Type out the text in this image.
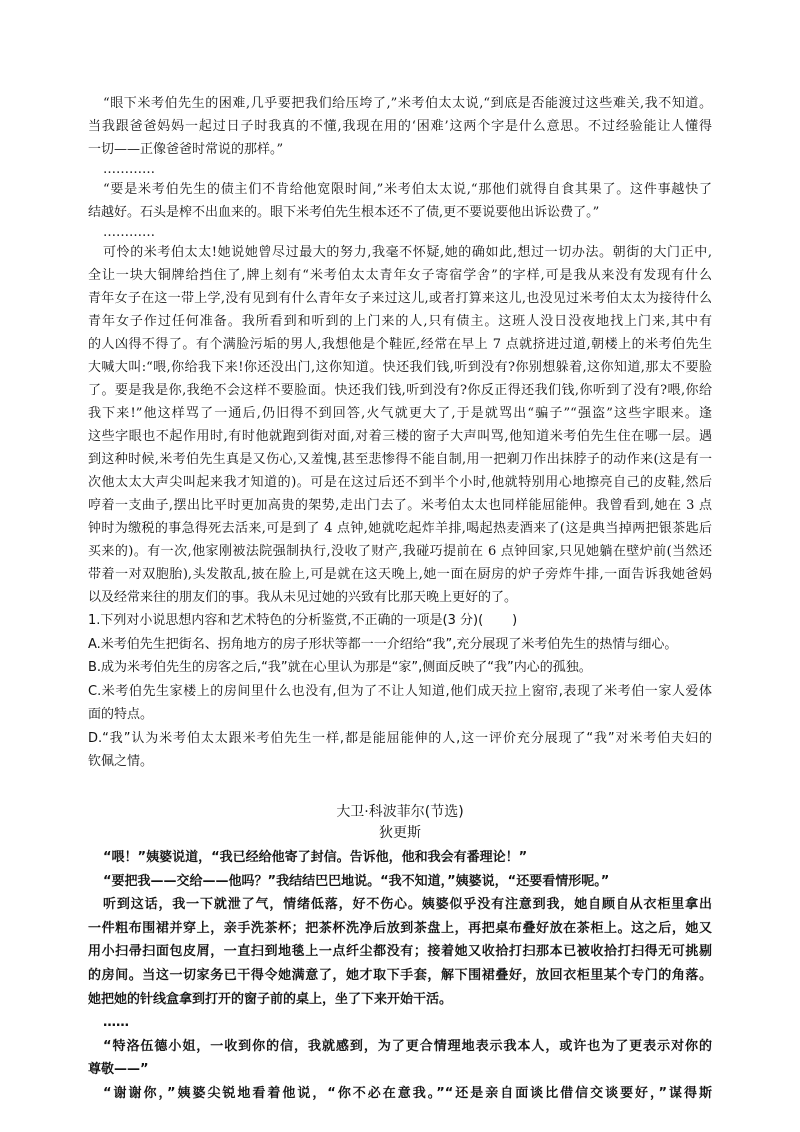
“眼下米考伯先生的困难,几乎要把我们给压垮了,”米考伯太太说,“到底是否能渡过这些难关,我不知道。
当我跟爸爸妈妈一起过日子时我真的不懂,我现在用的‘困难’这两个字是什么意思。不过经验能让人懂得
一切——正像爸爸时常说的那样。”
…………
“要是米考伯先生的债主们不肯给他宽限时间,”米考伯太太说,“那他们就得自食其果了。这件事越快了
结越好。石头是榨不出血来的。眼下米考伯先生根本还不了债,更不要说要他出诉讼费了。”
…………
可怜的米考伯太太!她说她曾尽过最大的努力,我毫不怀疑,她的确如此,想过一切办法。朝街的大门正中,
全让一块大铜牌给挡住了,牌上刻有“米考伯太太青年女子寄宿学舍”的字样,可是我从来没有发现有什么
青年女子在这一带上学,没有见到有什么青年女子来过这儿,或者打算来这儿,也没见过米考伯太太为接待什么
青年女子作过任何准备。我所看到和听到的上门来的人,只有债主。这班人没日没夜地找上门来,其中有
的人凶得不得了。有个满脸污垢的男人,我想他是个鞋匠,经常在早上 7 点就挤进过道,朝楼上的米考伯先生
大喊大叫:“喂,你给我下来!你还没出门,这你知道。快还我们钱,听到没有?你别想躲着,这你知道,那太不要脸
了。要是我是你,我绝不会这样不要脸面。快还我们钱,听到没有?你反正得还我们钱,你听到了没有?喂,你给
我下来!”他这样骂了一通后,仍旧得不到回答,火气就更大了,于是就骂出“骗子”“强盗”这些字眼来。逢
这些字眼也不起作用时,有时他就跑到街对面,对着三楼的窗子大声叫骂,他知道米考伯先生住在哪一层。遇
到这种时候,米考伯先生真是又伤心,又羞愧,甚至悲惨得不能自制,用一把剃刀作出抹脖子的动作来(这是有一
次他太太大声尖叫起来我才知道的)。可是在这过后还不到半个小时,他就特别用心地擦亮自己的皮鞋,然后
哼着一支曲子,摆出比平时更加高贵的架势,走出门去了。米考伯太太也同样能屈能伸。我曾看到,她在 3 点
钟时为缴税的事急得死去活来,可是到了 4 点钟,她就吃起炸羊排,喝起热麦酒来了(这是典当掉两把银茶匙后
买来的)。有一次,他家刚被法院强制执行,没收了财产,我碰巧提前在 6 点钟回家,只见她躺在壁炉前(当然还
带着一对双胞胎),头发散乱,披在脸上,可是就在这天晚上,她一面在厨房的炉子旁炸牛排,一面告诉我她爸妈
以及经常来往的朋友们的事。我从未见过她的兴致有比那天晚上更好的了。
1.下列对小说思想内容和艺术特色的分析鉴赏,不正确的一项是(3 分)(       )
A.米考伯先生把街名、拐角地方的房子形状等都一一介绍给“我”,充分展现了米考伯先生的热情与细心。
B.成为米考伯先生的房客之后,“我”就在心里认为那是“家”,侧面反映了“我”内心的孤独。
C.米考伯先生家楼上的房间里什么也没有,但为了不让人知道,他们成天拉上窗帘,表现了米考伯一家人爱体
面的特点。
D.“我”认为米考伯太太跟米考伯先生一样,都是能屈能伸的人,这一评价充分展现了“我”对米考伯夫妇的
钦佩之情。
大卫·科波菲尔(节选)
狄更斯
“喂！”姨婆说道，“我已经给他寄了封信。告诉他，他和我会有番理论！”
“要把我——交给——他吗？”我结结巴巴地说。“我不知道，”姨婆说，“还要看情形呢。”
听到这话，我一下就泄了气，情绪低落，好不伤心。姨婆似乎没有注意到我，她自顾自从衣柜里拿出
一件粗布围裙并穿上，亲手洗茶杯；把茶杯洗净后放到茶盘上，再把桌布叠好放在茶柜上。这之后，她又
用小扫帚扫面包皮屑，一直扫到地毯上一点纤尘都没有；接着她又收拾打扫那本已被收拾打扫得无可挑剔
的房间。当这一切家务已干得令她满意了，她才取下手套，解下围裙叠好，放回衣柜里某个专门的角落。
她把她的针线盒拿到打开的窗子前的桌上，坐了下来开始干活。
……
“特洛伍德小姐，一收到你的信，我就感到，为了更合情理地表示我本人，或许也为了更表示对你的
尊敬——”
“谢谢你，”姨婆尖锐地看着他说，“你不必在意我。”“还是亲自面谈比借信交谈要好，”谋得斯
